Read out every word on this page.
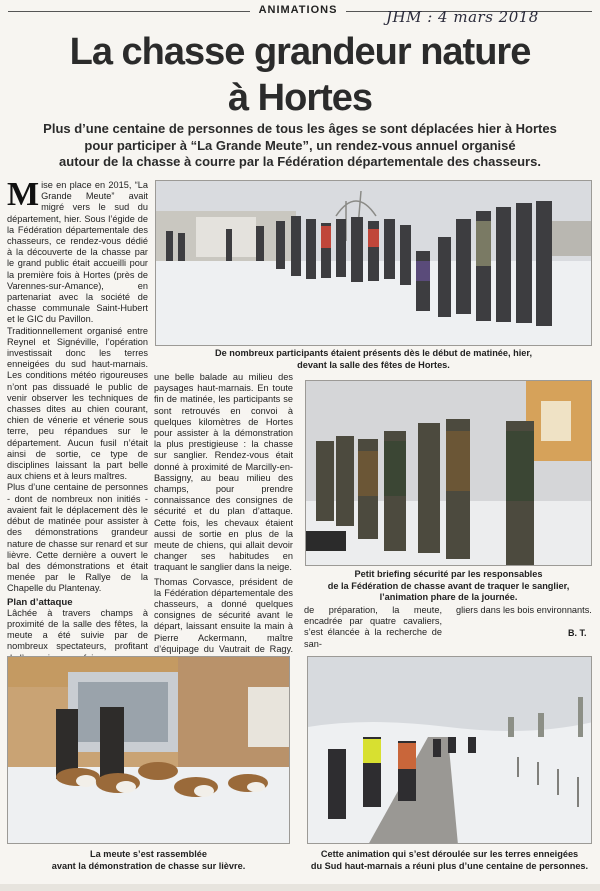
ANIMATIONS	JHM : 4 mars 2018
La chasse grandeur nature
à Hortes
Plus d’une centaine de personnes de tous les âges se sont déplacées hier à Hortes
pour participer à “La Grande Meute”, un rendez-vous annuel organisé
autour de la chasse à courre par la Fédération départementale des chasseurs.

Mise en place en 2015, “La Grande Meute” avait migré vers le sud du département, hier. Sous l’égide de la Fédération départementale des chasseurs, ce rendez-vous dédié à la découverte de la chasse par le grand public était accueilli pour la première fois à Hortes (près de Varennes-sur-Amance), en partenariat avec la société de chasse communale Saint-Hubert et le GIC du Pavillon.

Traditionnellement organisé entre Reynel et Signéville, l’opération investissait donc les terres enneigées du sud haut-marnais. Les conditions météo rigoureuses n’ont pas dissuadé le public de venir observer les techniques de chasses dites au chien courant, chien de vénerie et vénerie sous terre, peu répandues sur le département. Aucun fusil n’était ainsi de sortie, ce type de disciplines laissant la part belle aux chiens et à leurs maîtres.

Plus d’une centaine de personnes - dont de nombreux non initiés - avaient fait le déplacement dès le début de matinée pour assister à des démonstrations grandeur nature de chasse sur renard et sur lièvre. Cette dernière a ouvert le bal des démonstrations et était menée par le Rallye de la Chapelle du Plantenay.

Plan d’attaque

Lâchée à travers champs à proximité de la salle des fêtes, la meute a été suivie par de nombreux spectateurs, profitant

une belle balade au milieu des paysages haut-marnais. En toute fin de matinée, les participants se sont retrouvés en convoi à quelques kilomètres de Hortes pour assister à la démonstration la plus prestigieuse : la chasse sur sanglier. Rendez-vous était donné à proximité de Marcilly-en-Bassigny, au beau milieu des champs, pour prendre connaissance des consignes de sécurité et du plan d’attaque. Cette fois, les chevaux étaient aussi de sortie en plus de la meute de chiens, qui allait devoir changer ses habitudes en traquant le sanglier dans la neige.

Thomas Corvasce, président de la Fédération départementale des chasseurs, a donné quelques consignes de sécurité avant le départ, laissant ensuite la main à Pierre Ackermann, maître d’équipage du Vautrait de Ragy.

de préparation, la meute, encadrée par quatre cavaliers, s’est élancée à la recherche de san-

gliers dans les bois environnants.

B. T.
De nombreux participants étaient présents dès le début de matinée, hier,
devant la salle des fêtes de Hortes.
Petit briefing sécurité par les responsables
de la Fédération de chasse avant de traquer le sanglier,
l’animation phare de la journée.
La meute s’est rassemblée
avant la démonstration de chasse sur lièvre.
Cette animation qui s’est déroulée sur les terres enneigées
du Sud haut-marnais a réuni plus d’une centaine de personnes.
